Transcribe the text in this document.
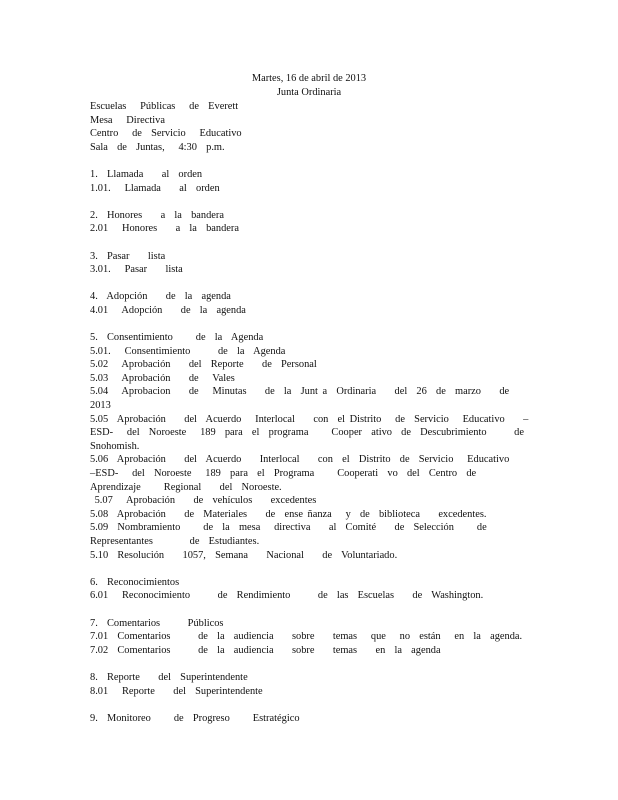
Martes, 16 de abril de 2013
Junta Ordinaria
Escuelas   Públicas   de  Everett
Mesa   Directiva
Centro   de  Servicio   Educativo
Sala  de  Juntas,   4:30  p.m.
1.  Llamada    al  orden
1.01.   Llamada    al  orden
2.  Honores    a  la  bandera
2.01   Honores    a  la  bandera
3.  Pasar    lista
3.01.   Pasar    lista
4.  Adopción    de  la  agenda
4.01   Adopción    de  la  agenda
5.  Consentimiento     de  la  Agenda
5.01.   Consentimiento      de  la  Agenda
5.02   Aprobación    del  Reporte    de  Personal
5.03   Aprobación    de   Vales
5.04   Aprobacion    de   Minutas    de  la  Junt a  Ordinaria    del  26  de  marzo    de  2013
5.05  Aprobación    del  Acuerdo   Interlocal    con  el Distrito   de  Servicio   Educativo    –ESD-   del  Noroeste   189  para  el  programa     Cooper  ativo  de  Descubrimiento      de  Snohomish.
5.06  Aprobación    del  Acuerdo    Interlocal    con  el  Distrito  de  Servicio   Educativo    –ESD-   del  Noroeste   189  para  el  Programa     Cooperati  vo  del  Centro  de  Aprendizaje     Regional    del  Noroeste.
5.07   Aprobación    de  vehículos    excedentes
5.08  Aprobación    de  Materiales    de  ense ñanza   y  de  biblioteca    excedentes.
5.09  Nombramiento     de  la  mesa   directiva    al  Comité    de  Selección     de  Representantes        de  Estudiantes.
5.10  Resolución    1057,  Semana    Nacional    de  Voluntariado.
6.  Reconocimientos
6.01   Reconocimiento      de  Rendimiento      de  las  Escuelas    de  Washington.
7.  Comentarios      Públicos
7.01  Comentarios      de  la  audiencia    sobre    temas   que   no  están   en  la  agenda.
7.02  Comentarios      de  la  audiencia    sobre    temas    en  la  agenda
8.  Reporte    del  Superintendente
8.01   Reporte    del  Superintendente
9.  Monitoreo     de  Progreso     Estratégico
